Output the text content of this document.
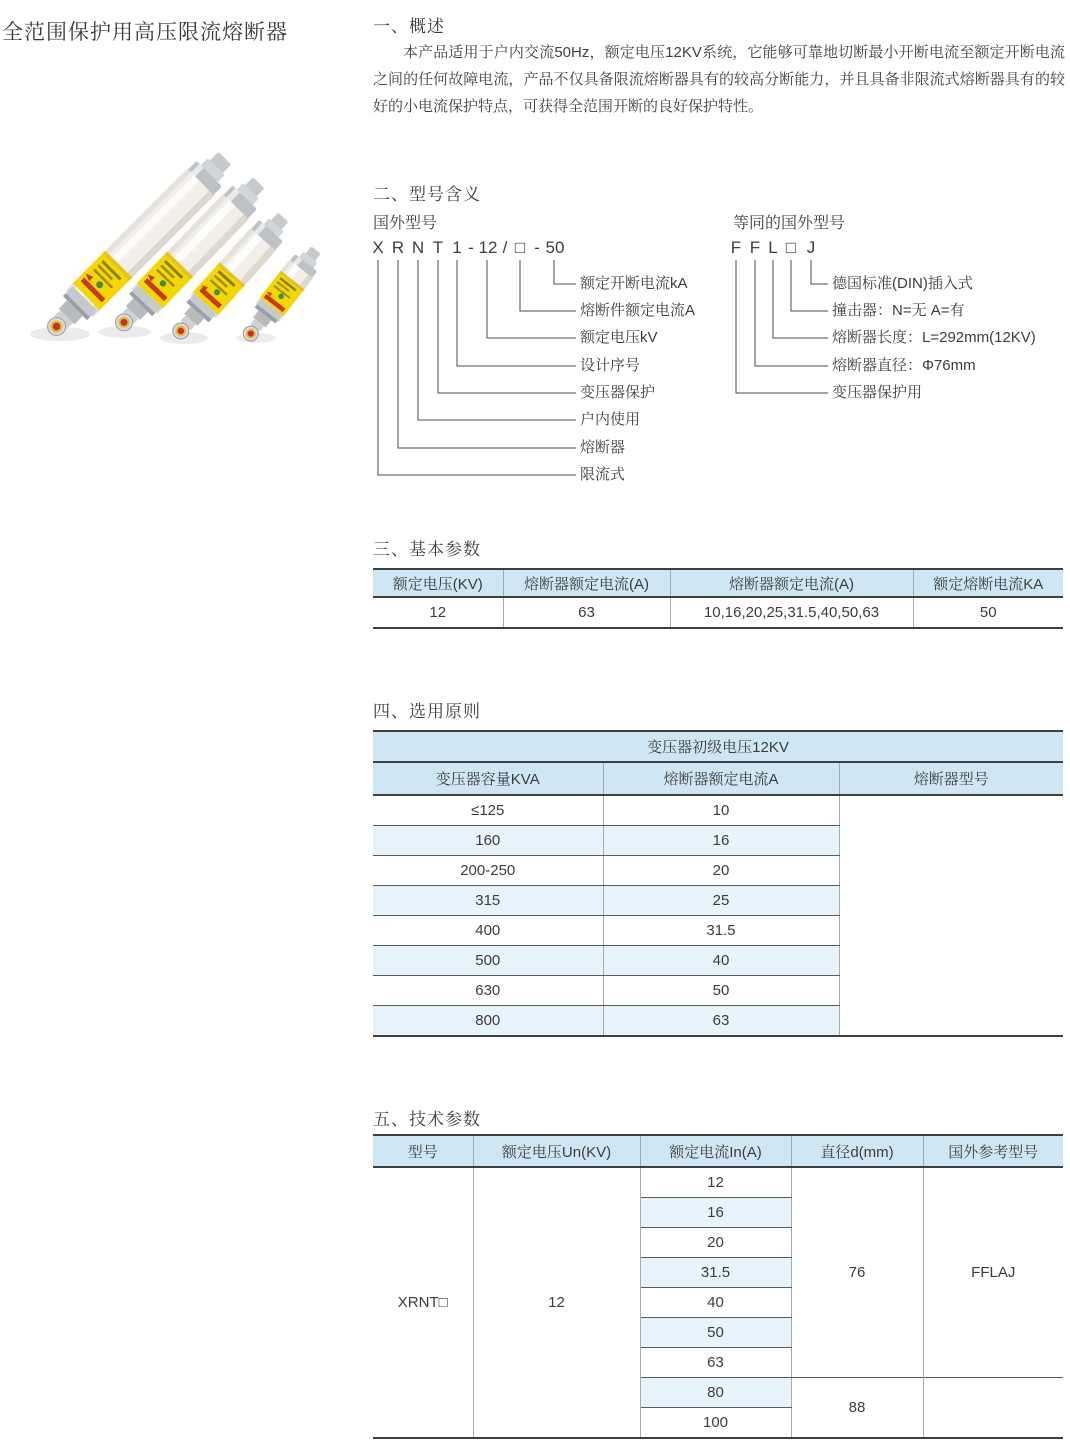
全范围保护用高压限流熔断器	一、概述
本产品适用于户内交流50Hz，额定电压12KV系统，它能够可靠地切断最小开断电流至额定开断电流之间的任何故障电流，产品不仅具备限流熔断器具有的较高分断能力，并且具备非限流式熔断器具有的较好的小电流保护特点，可获得全范围开断的良好保护特性。
二、型号含义
国外型号	等同的国外型号
X R N T 1 - 12 / □ - 50
额定开断电流kA
熔断件额定电流A
额定电压kV
设计序号
变压器保护
户内使用
熔断器
限流式
F F L □ J
德国标准(DIN)插入式
撞击器：N=无 A=有
熔断器长度：L=292mm(12KV)
熔断器直径：Φ76mm
变压器保护用
三、基本参数
额定电压(KV)	熔断器额定电流(A)	熔断器额定电流(A)	额定熔断电流KA
12	63	10,16,20,25,31.5,40,50,63	50
四、选用原则
变压器初级电压12KV		
变压器容量KVA	熔断器额定电流A	熔断器型号
≤125	10	
160	16	
200-250	20	
315	25	
400	31.5	
500	40	
630	50	
800	63	
五、技术参数
型号	额定电压Un(KV)	额定电流In(A)	直径d(mm)	国外参考型号
XRNT□	12	12	76	FFLAJ
		16		
		20		
		31.5		
		40		
		50		
		63		
		80	88	
		100		
